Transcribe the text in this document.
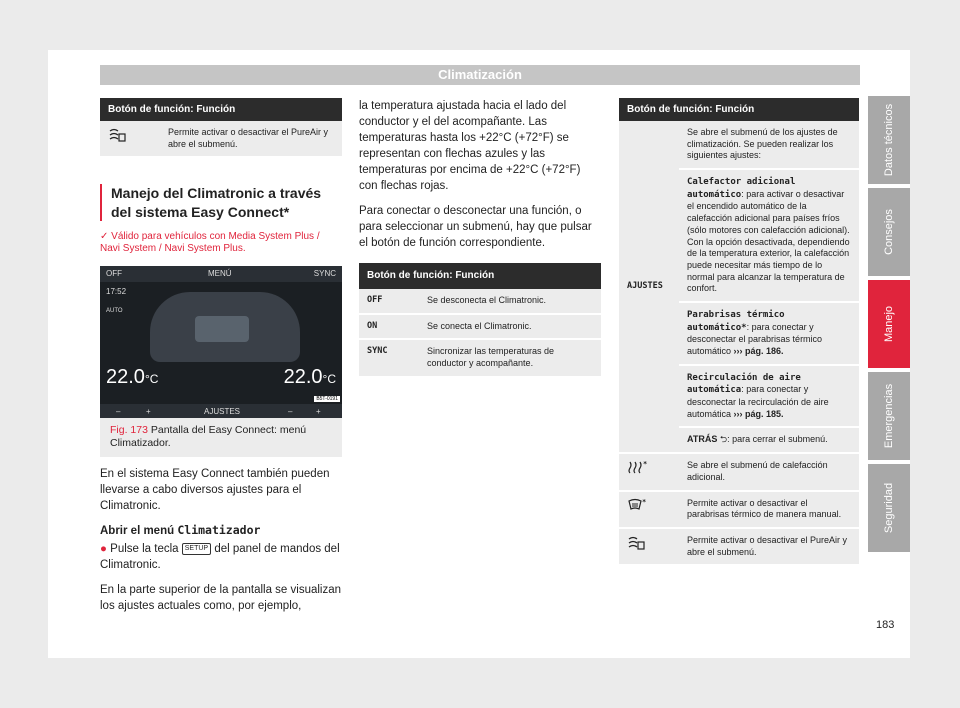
Climatización
Datos técnicos
Consejos
Manejo
Emergencias
Seguridad
183
Botón de función: Función
	Permite activar o desactivar el PureAir y abre el submenú.
Manejo del Climatronic a través del sistema Easy Connect*
✓ Válido para vehículos con Media System Plus / Navi System / Navi System Plus.
OFF	MENÚ	SYNC
17:52
AUTO
22.0°C	22.0°C
–	+	AJUSTES	–	+
B5T-0191
Fig. 173 Pantalla del Easy Connect: menú Climatizador.

la temperatura ajustada hacia el lado del conductor y el del acompañante. Las temperaturas hasta los +22°C (+72°F) se representan con flechas azules y las temperaturas por encima de +22°C (+72°F) con flechas rojas.

Para conectar o desconectar una función, o para seleccionar un submenú, hay que pulsar el botón de función correspondiente.

Botón de función: Función	
OFF	Se desconecta el Climatronic.
ON	Se conecta el Climatronic.
SYNC	Sincronizar las temperaturas de conductor y acompañante.

En el sistema Easy Connect también pueden llevarse a cabo diversos ajustes para el Climatronic.

Abrir el menú Climatizador

● Pulse la tecla SETUP del panel de mandos del Climatronic.

En la parte superior de la pantalla se visualizan los ajustes actuales como, por ejemplo,

Botón de función: Función	
AJUSTES	Se abre el submenú de los ajustes de climatización. Se pueden realizar los siguientes ajustes:
	Calefactor adicional automático: para activar o desactivar el encendido automático de la calefacción adicional para países fríos (sólo motores con calefacción adicional). Con la opción desactivada, dependiendo de la temperatura exterior, la calefacción puede necesitar más tiempo de lo normal para alcanzar la temperatura de confort.
	Parabrisas térmico automático*: para conectar y desconectar el parabrisas térmico automático ››› pág. 186.
	Recirculación de aire automática: para conectar y desconectar la recirculación de aire automática ››› pág. 185.
	ATRÁS ⮌: para cerrar el submenú.

*	Se abre el submenú de calefacción adicional.

*	Permite activar o desactivar el parabrisas térmico de manera manual.
	Permite activar o desactivar el PureAir y abre el submenú.
